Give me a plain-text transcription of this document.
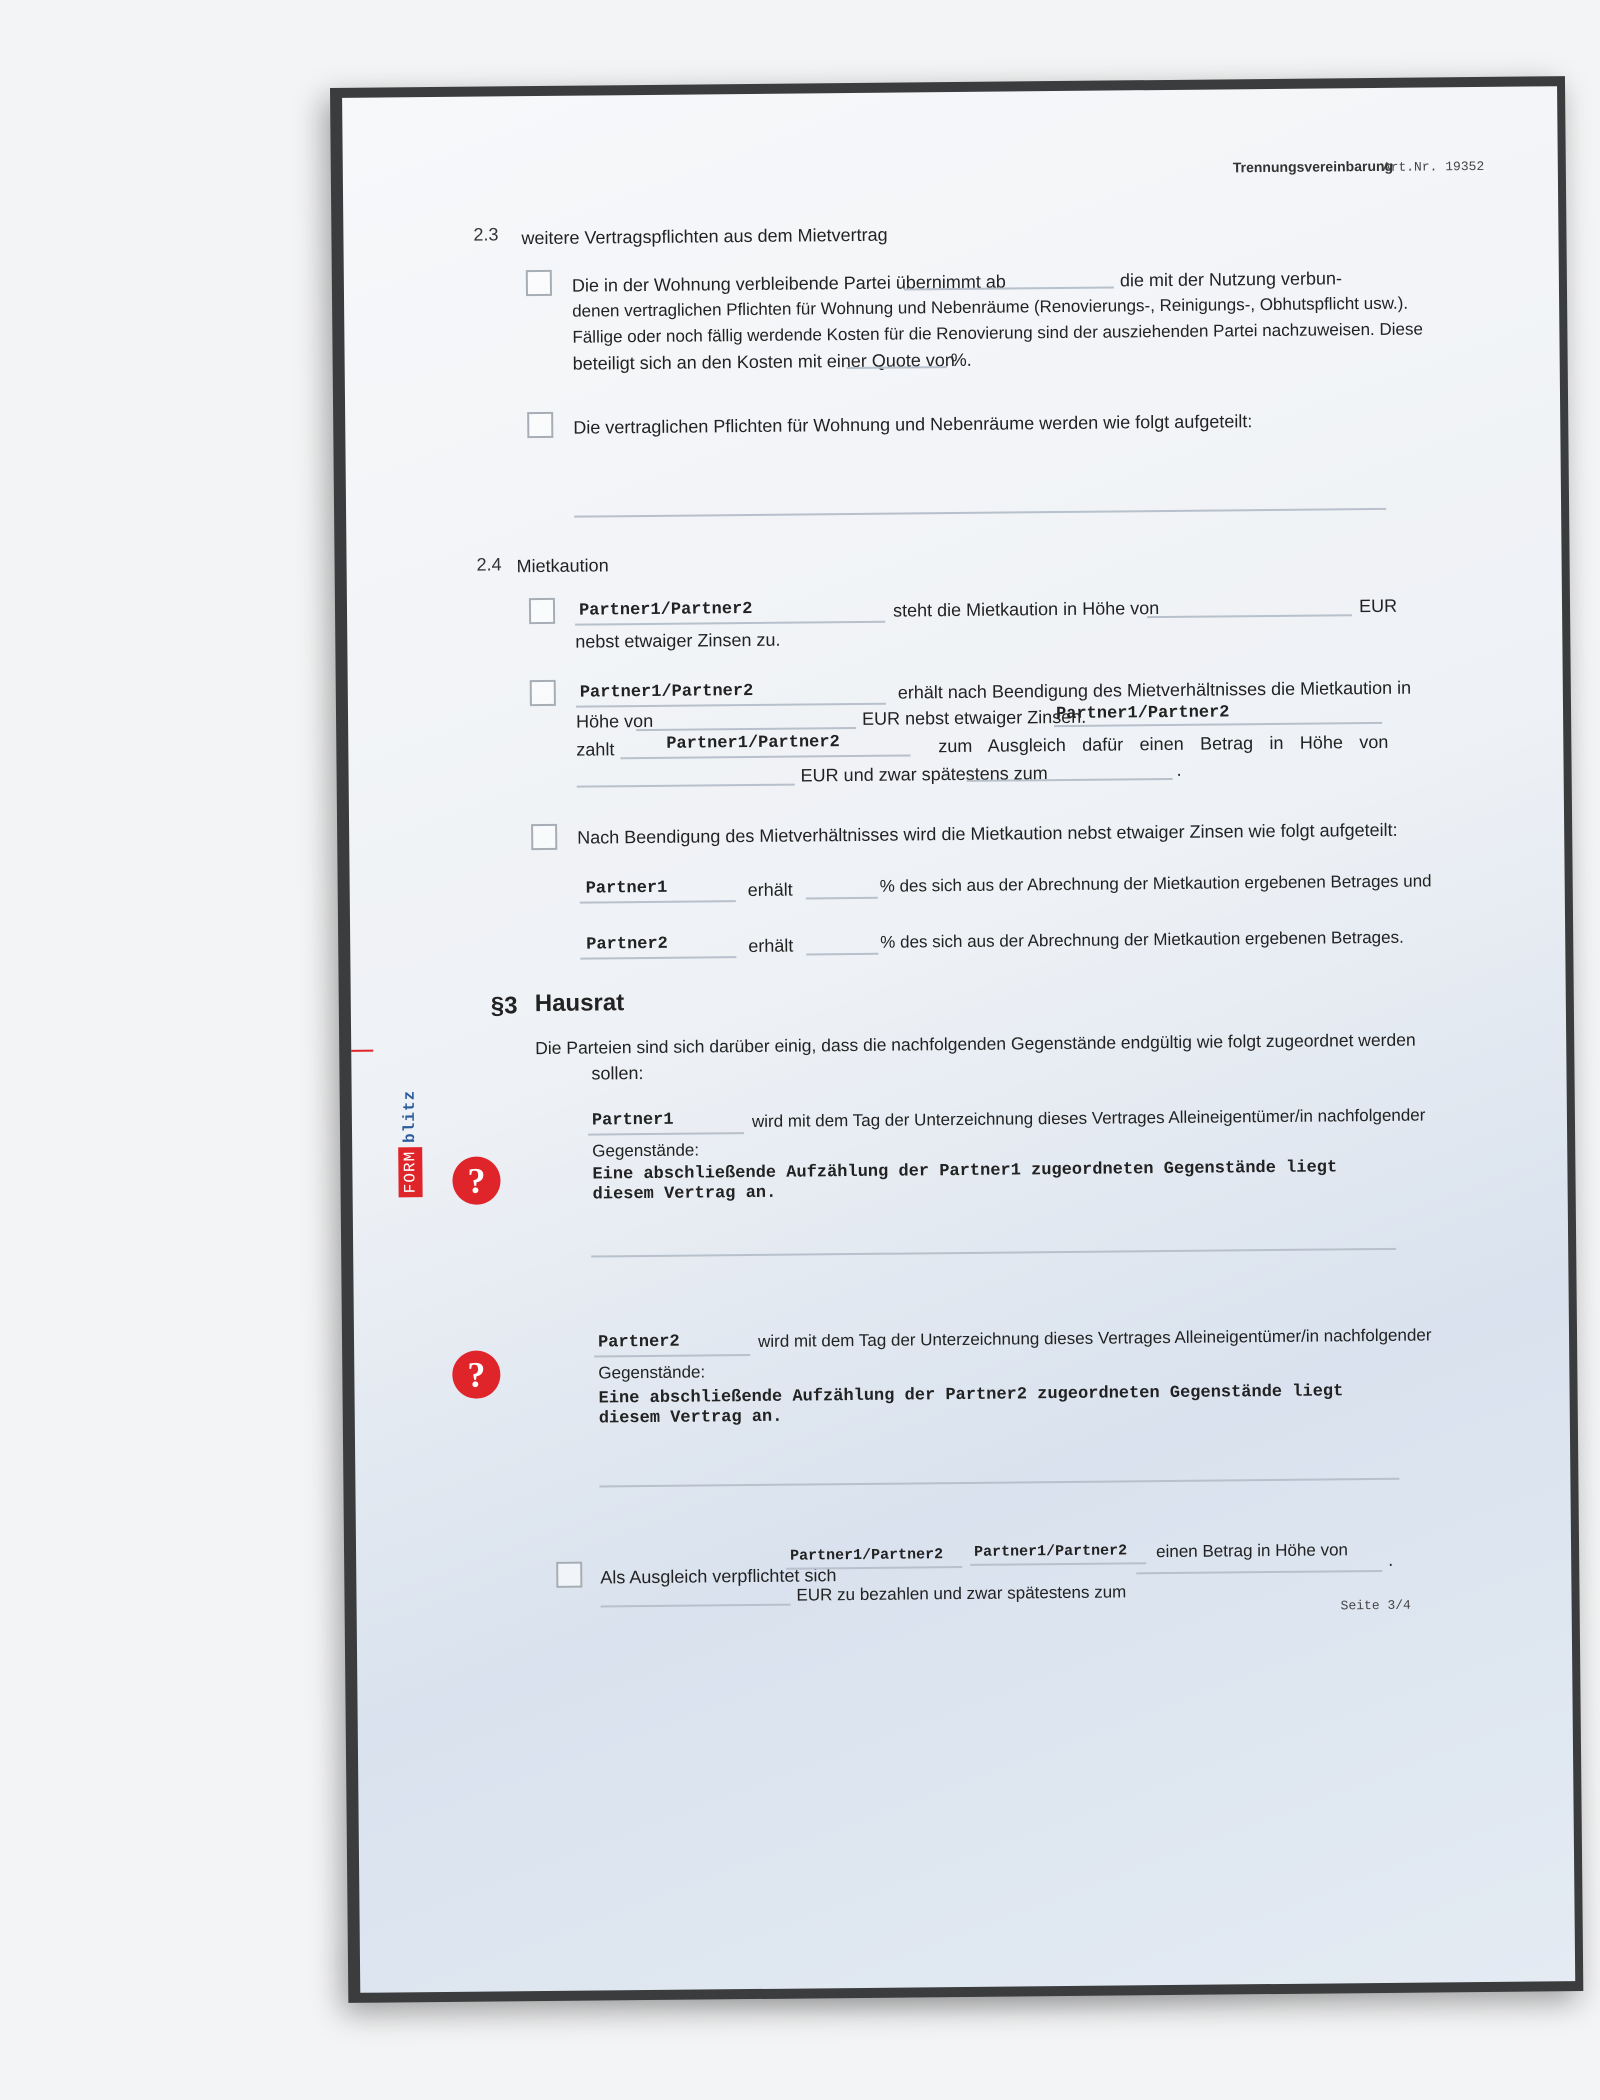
Trennungsvereinbarung
Art.Nr. 19352
FORM
blitz
2.3 weitere Vertragspflichten aus dem Mietvertrag
Die in der Wohnung verbleibende Partei übernimmt ab	die mit der Nutzung verbun-
denen vertraglichen Pflichten für Wohnung und Nebenräume (Renovierungs-, Reinigungs-, Obhutspflicht usw.).
Fällige oder noch fällig werdende Kosten für die Renovierung sind der ausziehenden Partei nachzuweisen. Diese
beteiligt sich an den Kosten mit einer Quote von
%.
Die vertraglichen Pflichten für Wohnung und Nebenräume werden wie folgt aufgeteilt:
2.4 Mietkaution
Partner1/Partner2	steht die Mietkaution in Höhe von	EUR
nebst etwaiger Zinsen zu.
Partner1/Partner2	erhält nach Beendigung des Mietverhältnisses die Mietkaution in
Höhe von	EUR nebst etwaiger Zinsen.
Partner1/Partner2
zahlt	Partner1/Partner2	zum Ausgleich dafür einen Betrag in Höhe von
EUR und zwar spätestens zum	.
Nach Beendigung des Mietverhältnisses wird die Mietkaution nebst etwaiger Zinsen wie folgt aufgeteilt:
Partner1	erhält	% des sich aus der Abrechnung der Mietkaution ergebenen Betrages und
Partner2	erhält	% des sich aus der Abrechnung der Mietkaution ergebenen Betrages.
§3 Hausrat
Die Parteien sind sich darüber einig, dass die nachfolgenden Gegenstände endgültig wie folgt zugeordnet werden
sollen:
?
Partner1	wird mit dem Tag der Unterzeichnung dieses Vertrages Alleineigentümer/in nachfolgender
Gegenstände:
Eine abschließende Aufzählung der Partner1 zugeordneten Gegenstände liegt
diesem Vertrag an.
?
Partner2	wird mit dem Tag der Unterzeichnung dieses Vertrages Alleineigentümer/in nachfolgender
Gegenstände:
Eine abschließende Aufzählung der Partner2 zugeordneten Gegenstände liegt
diesem Vertrag an.
Als Ausgleich verpflichtet sich
Partner1/Partner2 Partner1/Partner2 einen Betrag in Höhe von .
EUR zu bezahlen und zwar spätestens zum
Seite 3/4
